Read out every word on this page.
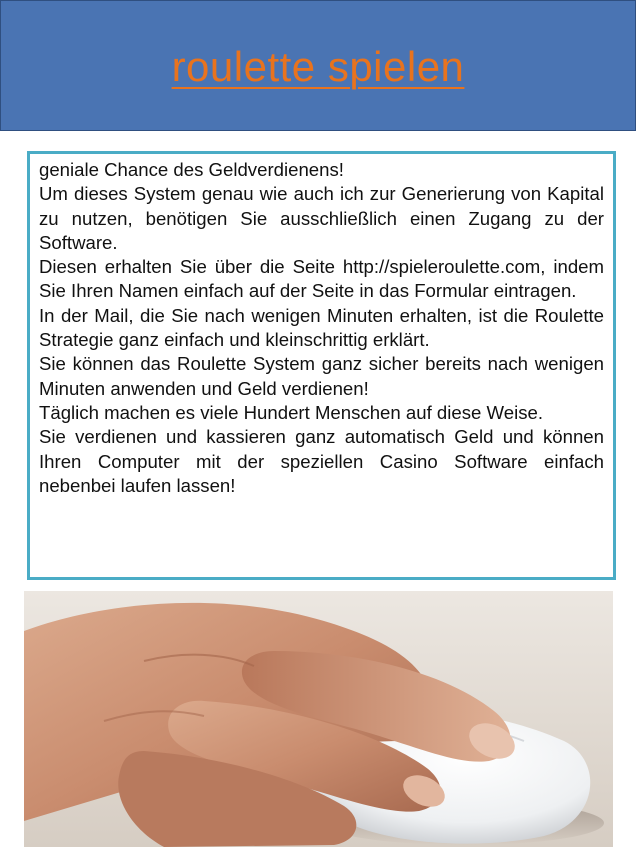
roulette spielen

geniale Chance des Geldverdienens!

Um dieses System genau wie auch ich zur Generierung von Kapital zu nutzen, benötigen Sie ausschließlich einen Zugang zu der Software.

Diesen erhalten Sie über die Seite http://spieleroulette.com, indem Sie Ihren Namen einfach auf der Seite in das Formular eintragen.

In der Mail, die Sie nach wenigen Minuten erhalten, ist die Roulette Strategie ganz einfach und kleinschrittig erklärt.

Sie können das Roulette System ganz sicher bereits nach wenigen Minuten anwenden und Geld verdienen!

Täglich machen es viele Hundert Menschen auf diese Weise.

Sie verdienen und kassieren ganz automatisch Geld und können Ihren Computer mit der speziellen Casino Software einfach nebenbei laufen lassen!
